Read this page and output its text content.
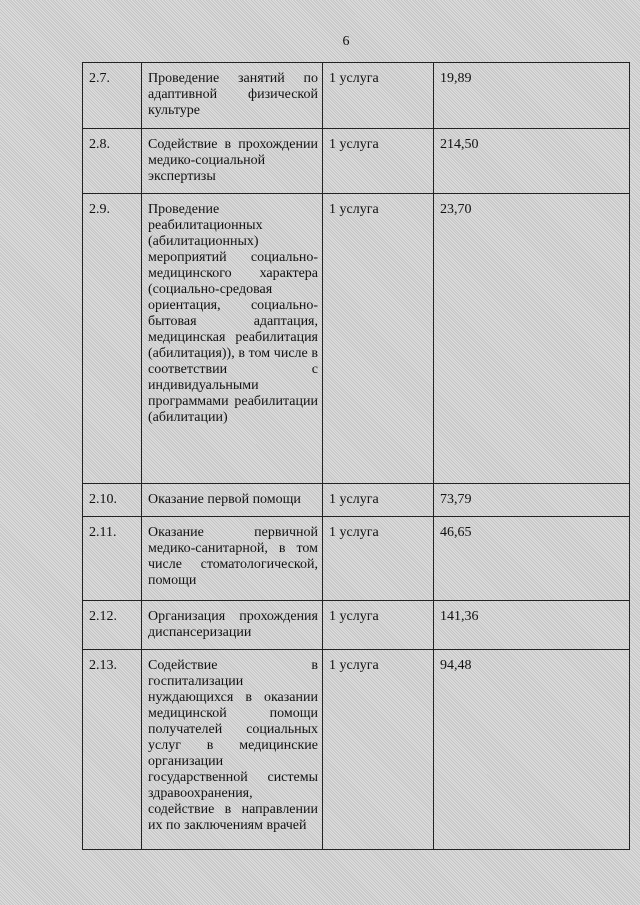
6
2.7.	Проведение занятий по адаптивной физической культуре	1 услуга	19,89
2.8.	Содействие в прохождении медико-социальной экспертизы	1 услуга	214,50
2.9.	Проведение реабилитационных (абилитационных) мероприятий социально-медицинского характера (социально-средовая ориентация, социально-бытовая адаптация, медицинская реабилитация (абилитация)), в том числе в соответствии с индивидуальными программами реабилитации (абилитации)	1 услуга	23,70
2.10.	Оказание первой помощи	1 услуга	73,79
2.11.	Оказание первичной медико-санитарной, в том числе стоматологической, помощи	1 услуга	46,65
2.12.	Организация прохождения диспансеризации	1 услуга	141,36
2.13.	Содействие в госпитализации нуждающихся в оказании медицинской помощи получателей социальных услуг в медицинские организации государственной системы здравоохранения, содействие в направлении их по заключениям врачей	1 услуга	94,48
